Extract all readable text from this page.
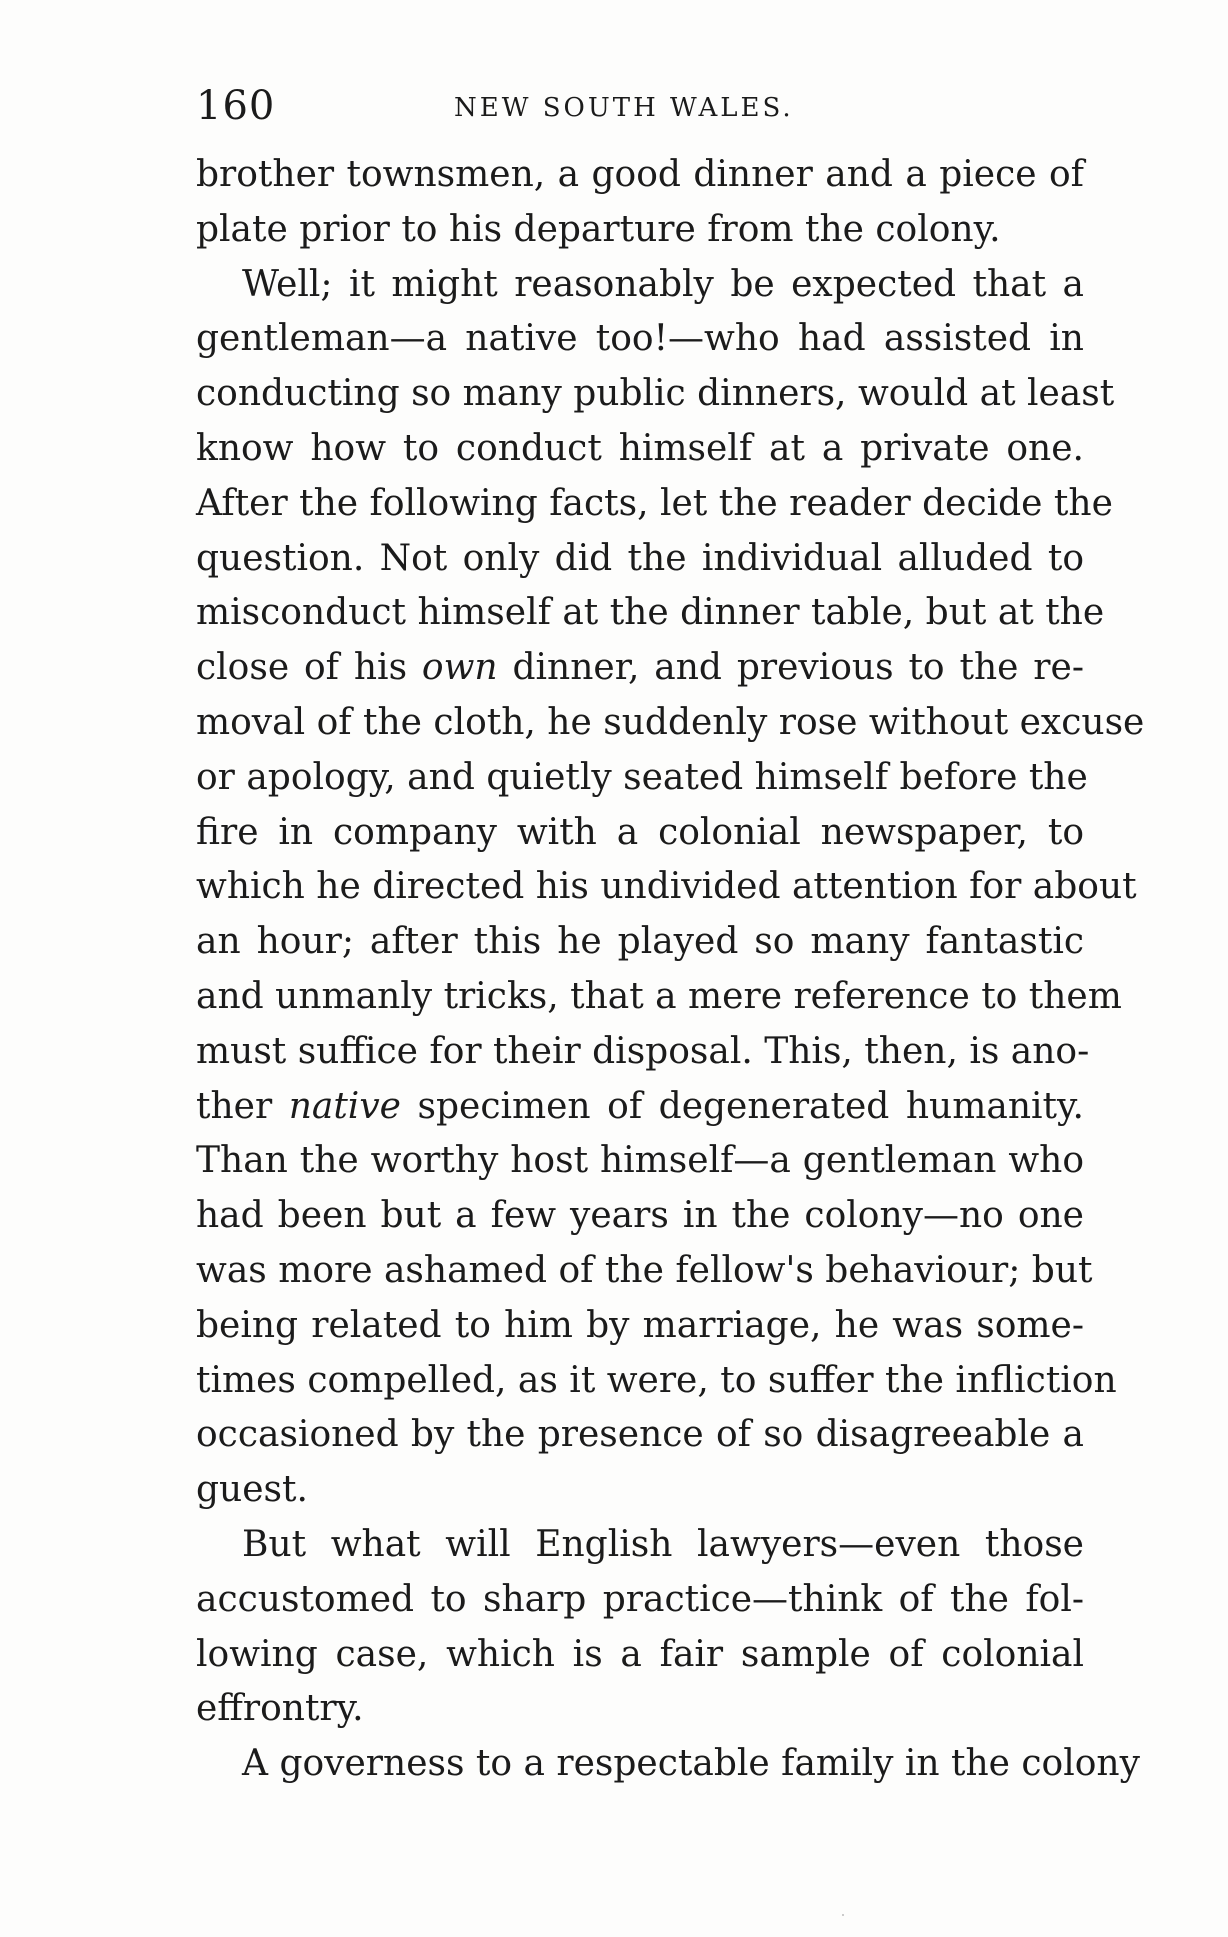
160	NEW SOUTH WALES.
brother townsmen, a good dinner and a piece of
plate prior to his departure from the colony.
Well; it might reasonably be expected that a
gentleman—a native too!—who had assisted in
conducting so many public dinners, would at least
know how to conduct himself at a private one.
After the following facts, let the reader decide the
question. Not only did the individual alluded to
misconduct himself at the dinner table, but at the
close of his own dinner, and previous to the re-
moval of the cloth, he suddenly rose without excuse
or apology, and quietly seated himself before the
fire in company with a colonial newspaper, to
which he directed his undivided attention for about
an hour; after this he played so many fantastic
and unmanly tricks, that a mere reference to them
must suffice for their disposal. This, then, is ano-
ther native specimen of degenerated humanity.
Than the worthy host himself—a gentleman who
had been but a few years in the colony—no one
was more ashamed of the fellow's behaviour; but
being related to him by marriage, he was some-
times compelled, as it were, to suffer the infliction
occasioned by the presence of so disagreeable a
guest.
But what will English lawyers—even those
accustomed to sharp practice—think of the fol-
lowing case, which is a fair sample of colonial
effrontry.
A governess to a respectable family in the colony
